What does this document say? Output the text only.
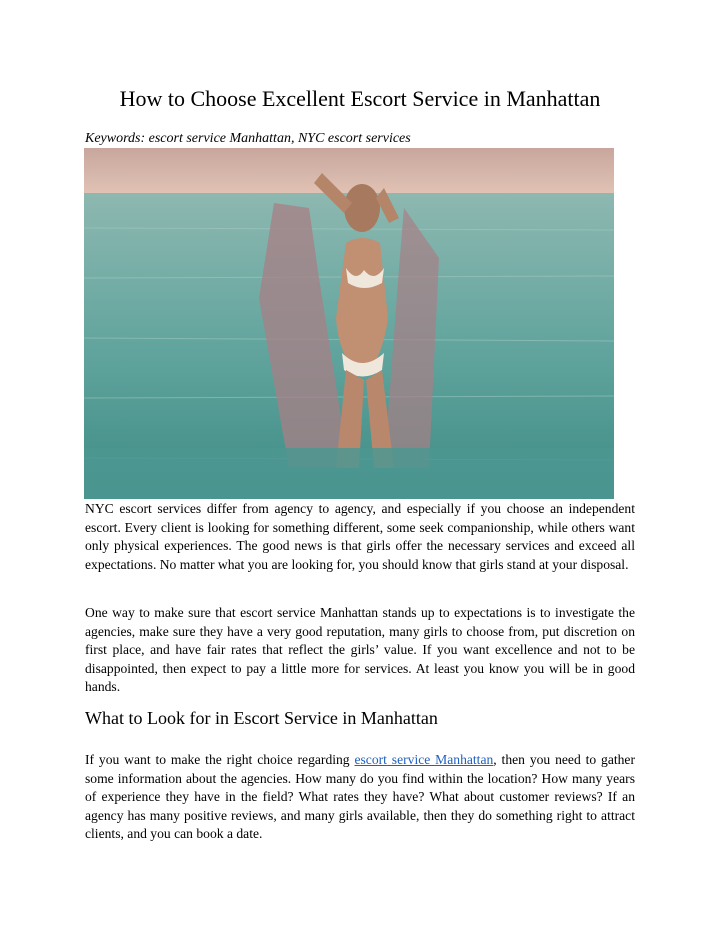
How to Choose Excellent Escort Service in Manhattan

Keywords: escort service Manhattan, NYC escort services

NYC escort services differ from agency to agency, and especially if you choose an independent escort. Every client is looking for something different, some seek companionship, while others want only physical experiences. The good news is that girls offer the necessary services and exceed all expectations. No matter what you are looking for, you should know that girls stand at your disposal.

One way to make sure that escort service Manhattan stands up to expectations is to investigate the agencies, make sure they have a very good reputation, many girls to choose from, put discretion on first place, and have fair rates that reflect the girls’ value. If you want excellence and not to be disappointed, then expect to pay a little more for services. At least you know you will be in good hands.

What to Look for in Escort Service in Manhattan

If you want to make the right choice regarding escort service Manhattan, then you need to gather some information about the agencies. How many do you find within the location? How many years of experience they have in the field? What rates they have? What about customer reviews? If an agency has many positive reviews, and many girls available, then they do something right to attract clients, and you can book a date.
